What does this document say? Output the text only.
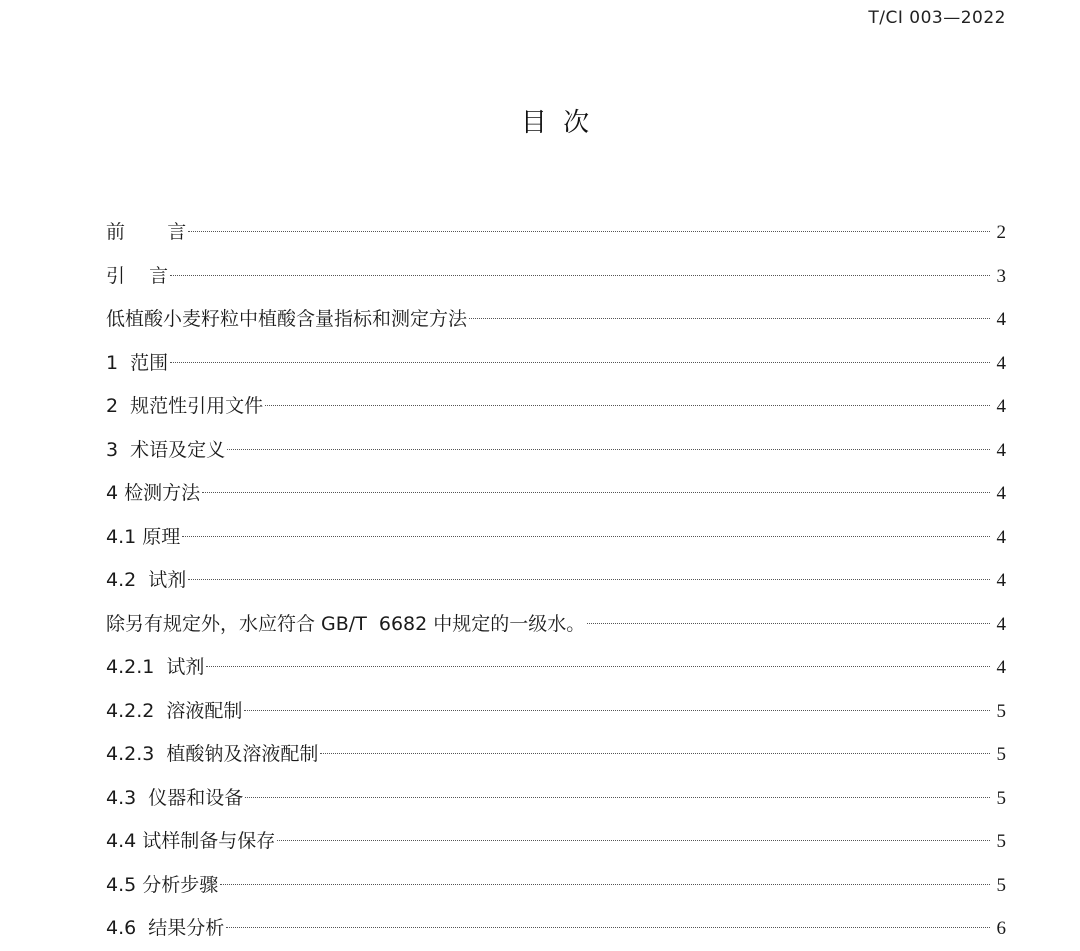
T/CI 003—2022
目 次
前       言	2
引    言	3
低植酸小麦籽粒中植酸含量指标和测定方法	4
1  范围	4
2  规范性引用文件	4
3  术语及定义	4
4 检测方法	4
4.1 原理	4
4.2  试剂	4
除另有规定外，水应符合 GB/T  6682 中规定的一级水。	4
4.2.1  试剂	4
4.2.2  溶液配制	5
4.2.3  植酸钠及溶液配制	5
4.3  仪器和设备	5
4.4 试样制备与保存	5
4.5 分析步骤	5
4.6  结果分析	6
